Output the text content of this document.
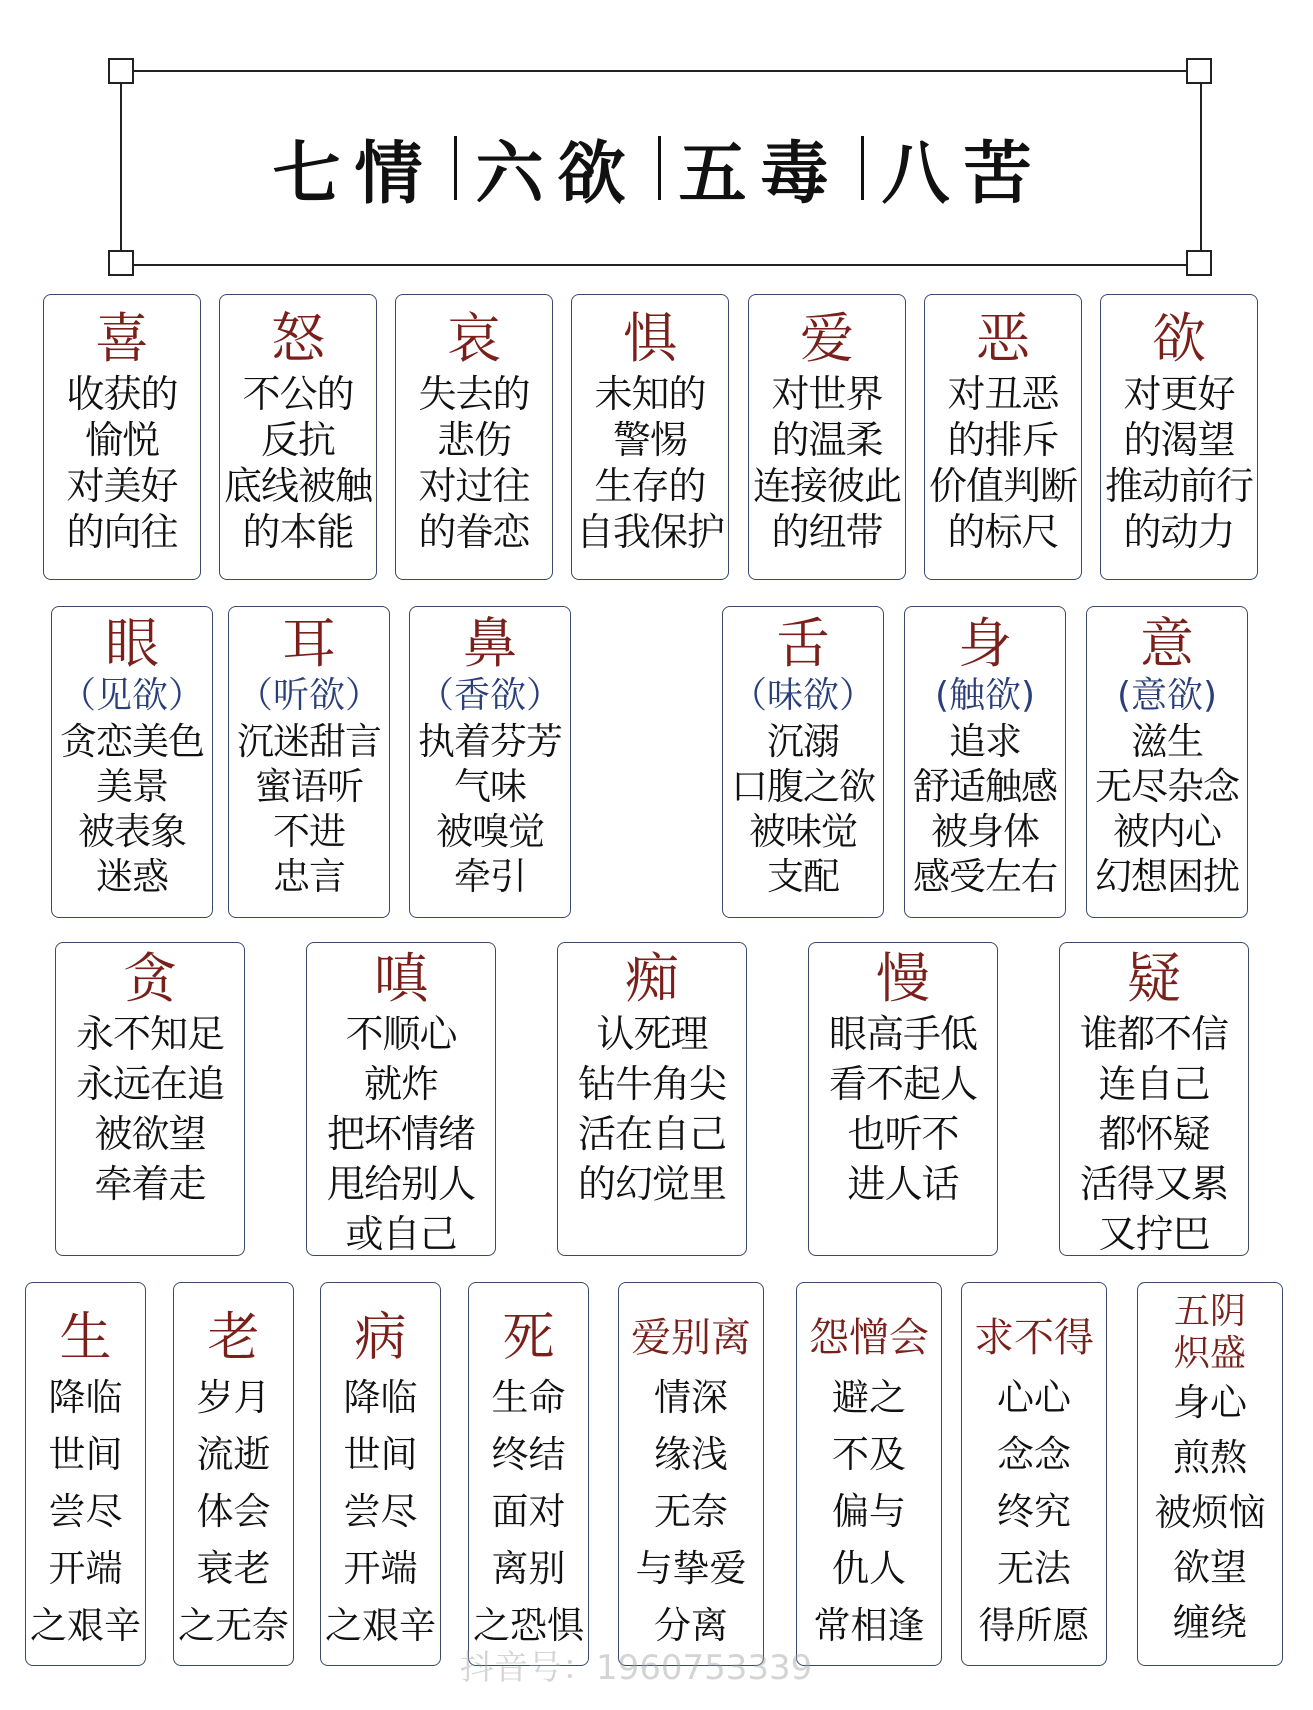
七情 六欲 五毒 八苦
喜
收获的
愉悦
对美好
的向往
怒
不公的
反抗
底线被触
的本能
哀
失去的
悲伤
对过往
的眷恋
惧
未知的
警惕
生存的
自我保护
爱
对世界
的温柔
连接彼此
的纽带
恶
对丑恶
的排斥
价值判断
的标尺
欲
对更好
的渴望
推动前行
的动力
眼
（见欲）
贪恋美色
美景
被表象
迷惑
耳
（听欲）
沉迷甜言
蜜语听
不进
忠言
鼻
（香欲）
执着芬芳
气味
被嗅觉
牵引
舌
（味欲）
沉溺
口腹之欲
被味觉
支配
身
(触欲)
追求
舒适触感
被身体
感受左右
意
(意欲)
滋生
无尽杂念
被内心
幻想困扰
贪
永不知足
永远在追
被欲望
牵着走
嗔
不顺心
就炸
把坏情绪
甩给别人
或自己
痴
认死理
钻牛角尖
活在自己
的幻觉里
慢
眼高手低
看不起人
也听不
进人话
疑
谁都不信
连自己
都怀疑
活得又累
又拧巴
生
降临
世间
尝尽
开端
之艰辛
老
岁月
流逝
体会
衰老
之无奈
病
降临
世间
尝尽
开端
之艰辛
死
生命
终结
面对
离别
之恐惧
爱别离
情深
缘浅
无奈
与挚爱
分离
怨憎会
避之
不及
偏与
仇人
常相逢
求不得
心心
念念
终究
无法
得所愿
五阴炽盛
身心
煎熬
被烦恼
欲望
缠绕
抖音号：1960753339
